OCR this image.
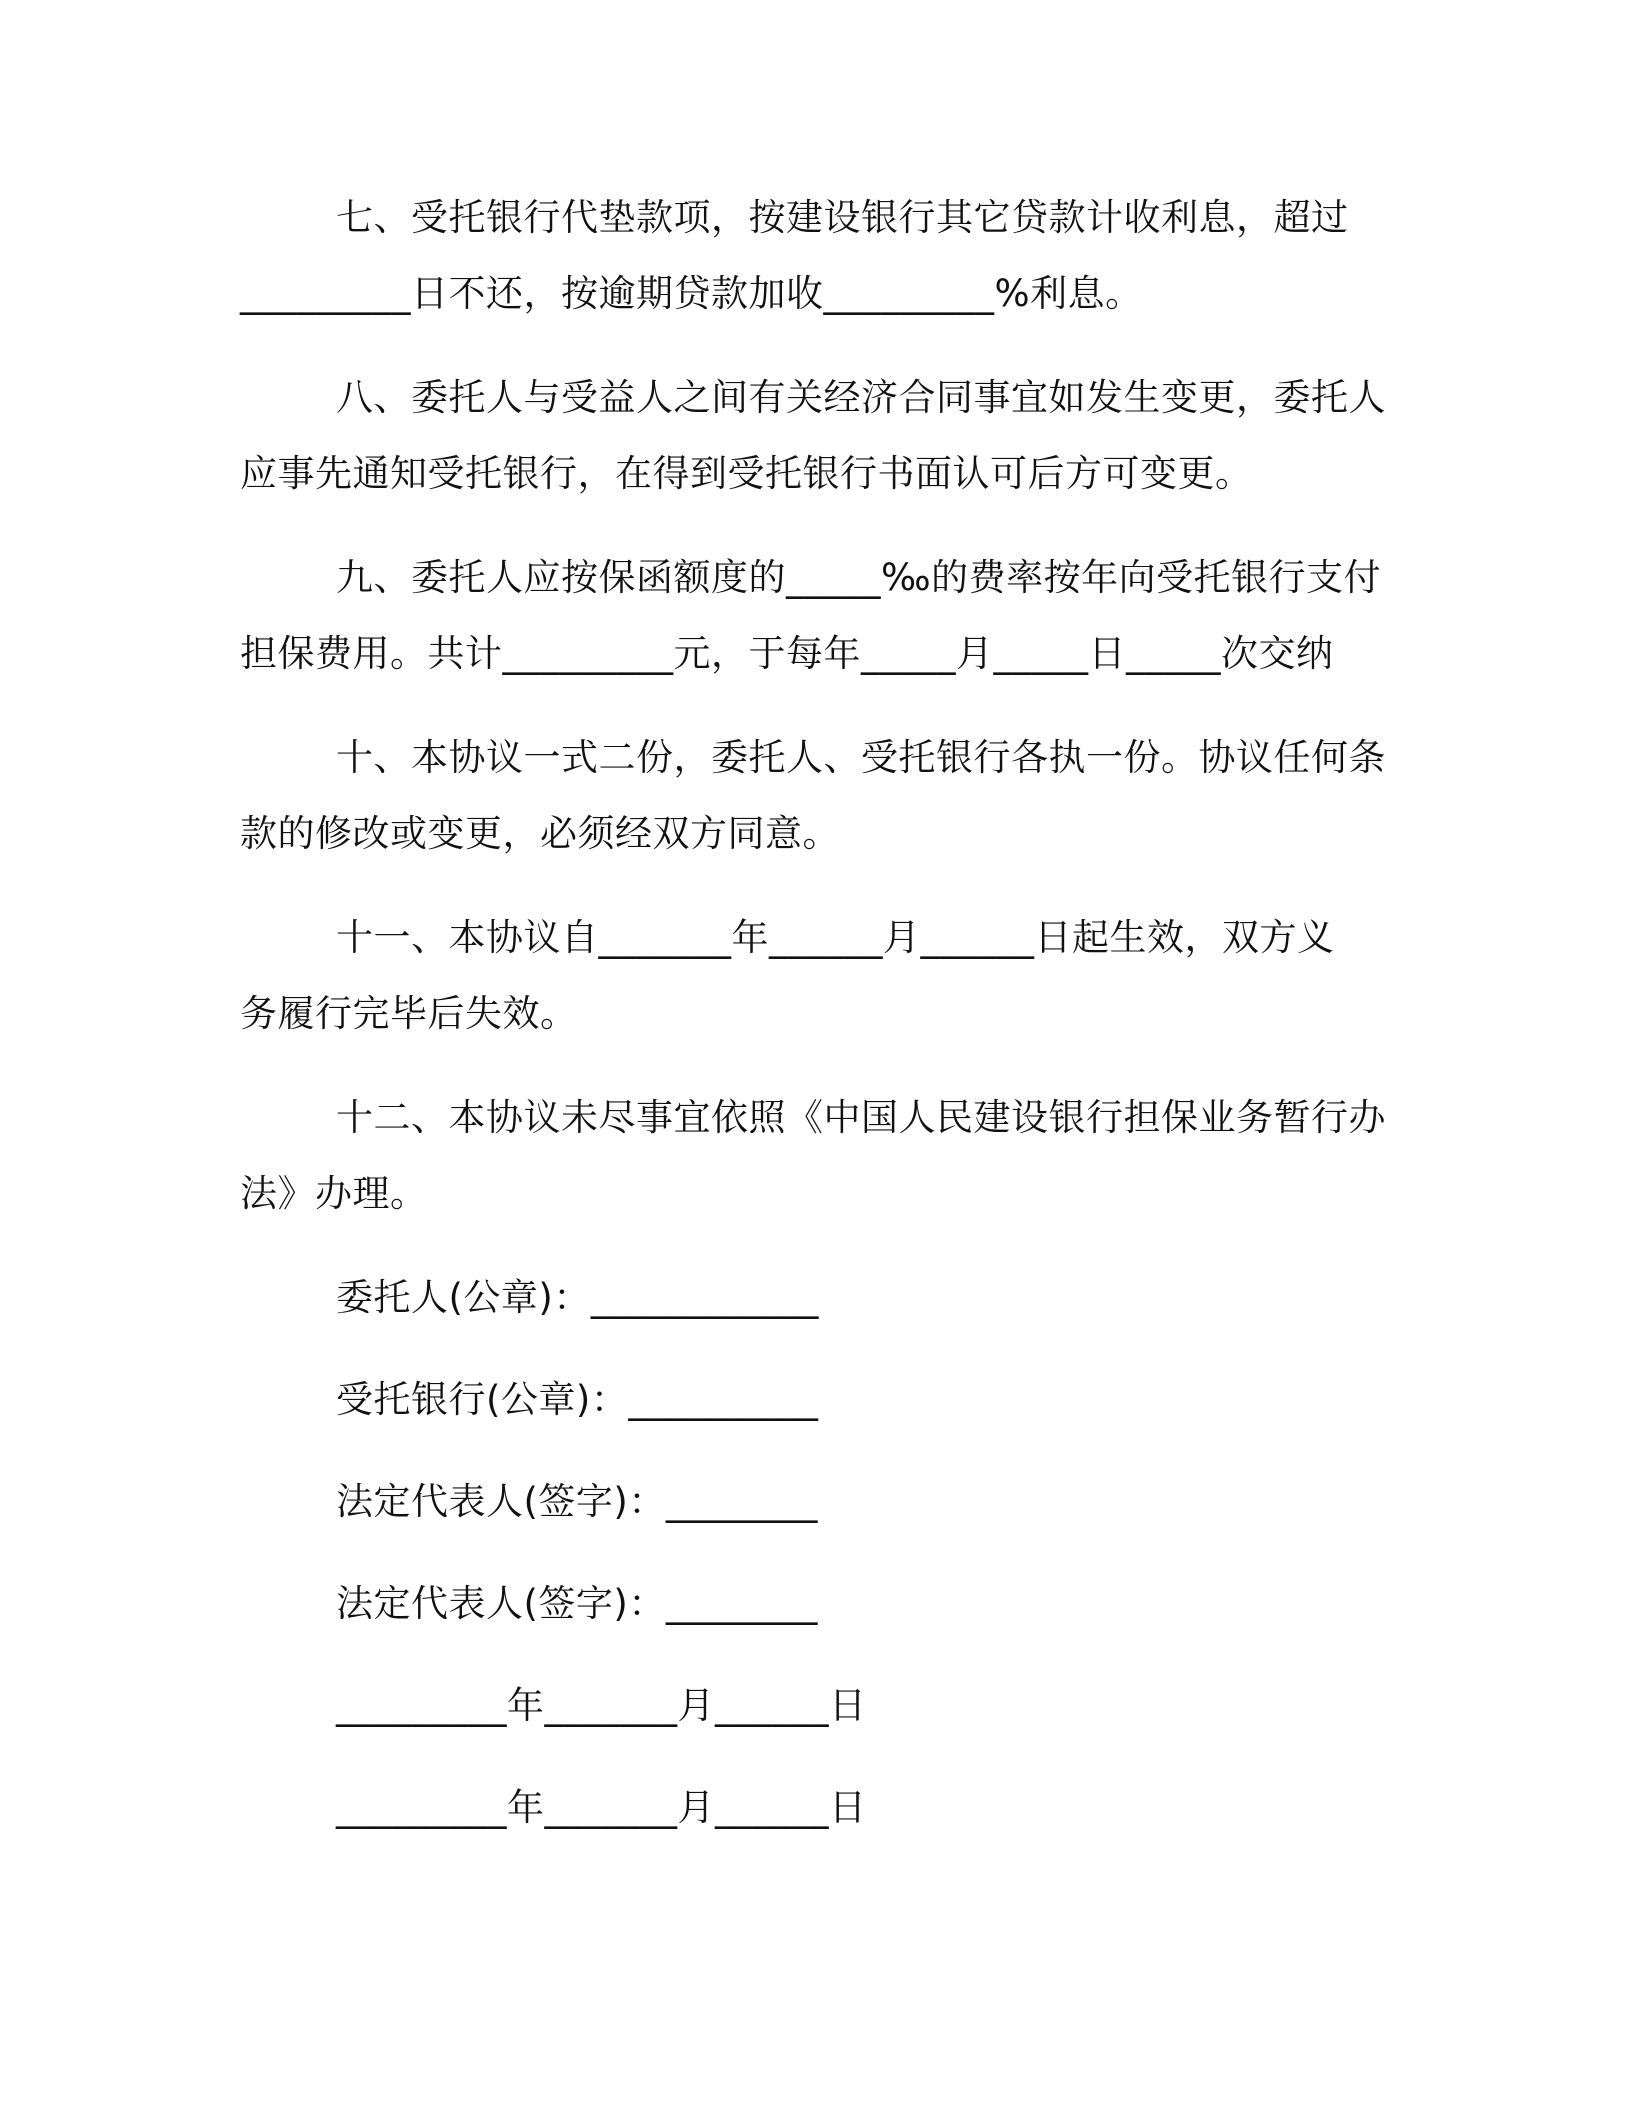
七、受托银行代垫款项，按建设银行其它贷款计收利息，超过
_________日不还，按逾期贷款加收_________%利息。
八、委托人与受益人之间有关经济合同事宜如发生变更，委托人
应事先通知受托银行，在得到受托银行书面认可后方可变更。
九、委托人应按保函额度的_____‰的费率按年向受托银行支付
担保费用。共计_________元，于每年_____月_____日_____次交纳
十、本协议一式二份，委托人、受托银行各执一份。协议任何条
款的修改或变更，必须经双方同意。
十一、本协议自_______年______月______日起生效，双方义
务履行完毕后失效。
十二、本协议未尽事宜依照《中国人民建设银行担保业务暂行办
法》办理。
委托人(公章)：____________
受托银行(公章)：__________
法定代表人(签字)：________
法定代表人(签字)：________
_________年_______月______日
_________年_______月______日
